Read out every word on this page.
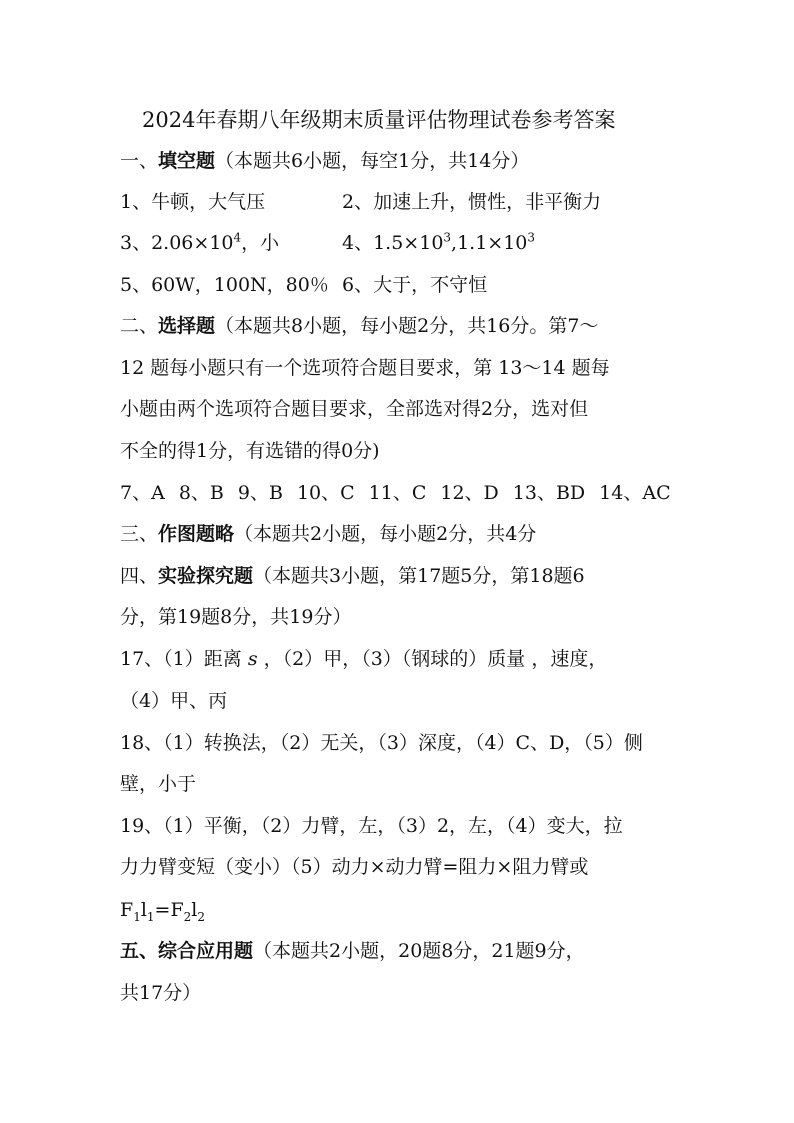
2024年春期八年级期末质量评估物理试卷参考答案
一、填空题（本题共6小题，每空1分，共14分）
1、牛顿，大气压	2、加速上升，惯性，非平衡力
3、$2.06\times 10^4$，小	4、$1.5\times 10^3,1.1\times 10^3$
5、60W，100N，80％ 6、大于，不守恒
二、选择题（本题共8小题，每小题2分，共16分。第7～
12 题每小题只有一个选项符合题目要求，第 13～14 题每
小题由两个选项符合题目要求，全部选对得2分，选对但
不全的得1分，有选错的得0分)
7、A 8、B 9、B 10、C 11、C 12、D 13、BD 14、AC
三、作图题略（本题共2小题，每小题2分，共4分
四、实验探究题（本题共3小题，第17题5分，第18题6
分，第19题8分，共19分）
17、（1）距离 s ，（2）甲，（3）（钢球的）质量 ，速度，
（4）甲、丙
18、（1）转换法，（2）无关，（3）深度，（4）C、D，（5）侧
壁，小于
19、（1）平衡，（2）力臂，左，（3）2，左，（4）变大，拉
力力臂变短（变小）（5）动力×动力臂=阻力×阻力臂或
$F_1l_1=F_2l_2$
五、综合应用题（本题共2小题，20题8分，21题9分，
共17分）
